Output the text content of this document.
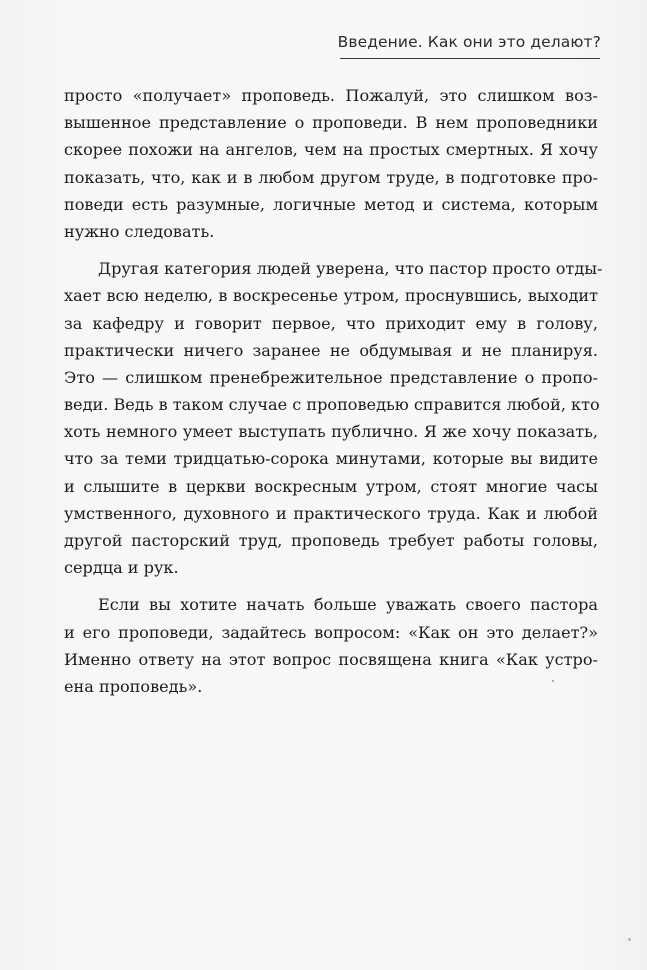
Введение. Как они это делают?
просто «получает» проповедь. Пожалуй, это слишком воз-
вышенное представление о проповеди. В нем проповедники
скорее похожи на ангелов, чем на простых смертных. Я хочу
показать, что, как и в любом другом труде, в подготовке про-
поведи есть разумные, логичные метод и система, которым
нужно следовать.
Другая категория людей уверена, что пастор просто отды-
хает всю неделю, в воскресенье утром, проснувшись, выходит
за кафедру и говорит первое, что приходит ему в голову,
практически ничего заранее не обдумывая и не планируя.
Это — слишком пренебрежительное представление о пропо-
веди. Ведь в таком случае с проповедью справится любой, кто
хоть немного умеет выступать публично. Я же хочу показать,
что за теми тридцатью-сорока минутами, которые вы видите
и слышите в церкви воскресным утром, стоят многие часы
умственного, духовного и практического труда. Как и любой
другой пасторский труд, проповедь требует работы головы,
сердца и рук.
Если вы хотите начать больше уважать своего пастора
и его проповеди, задайтесь вопросом: «Как он это делает?»
Именно ответу на этот вопрос посвящена книга «Как устро-
ена проповедь».
